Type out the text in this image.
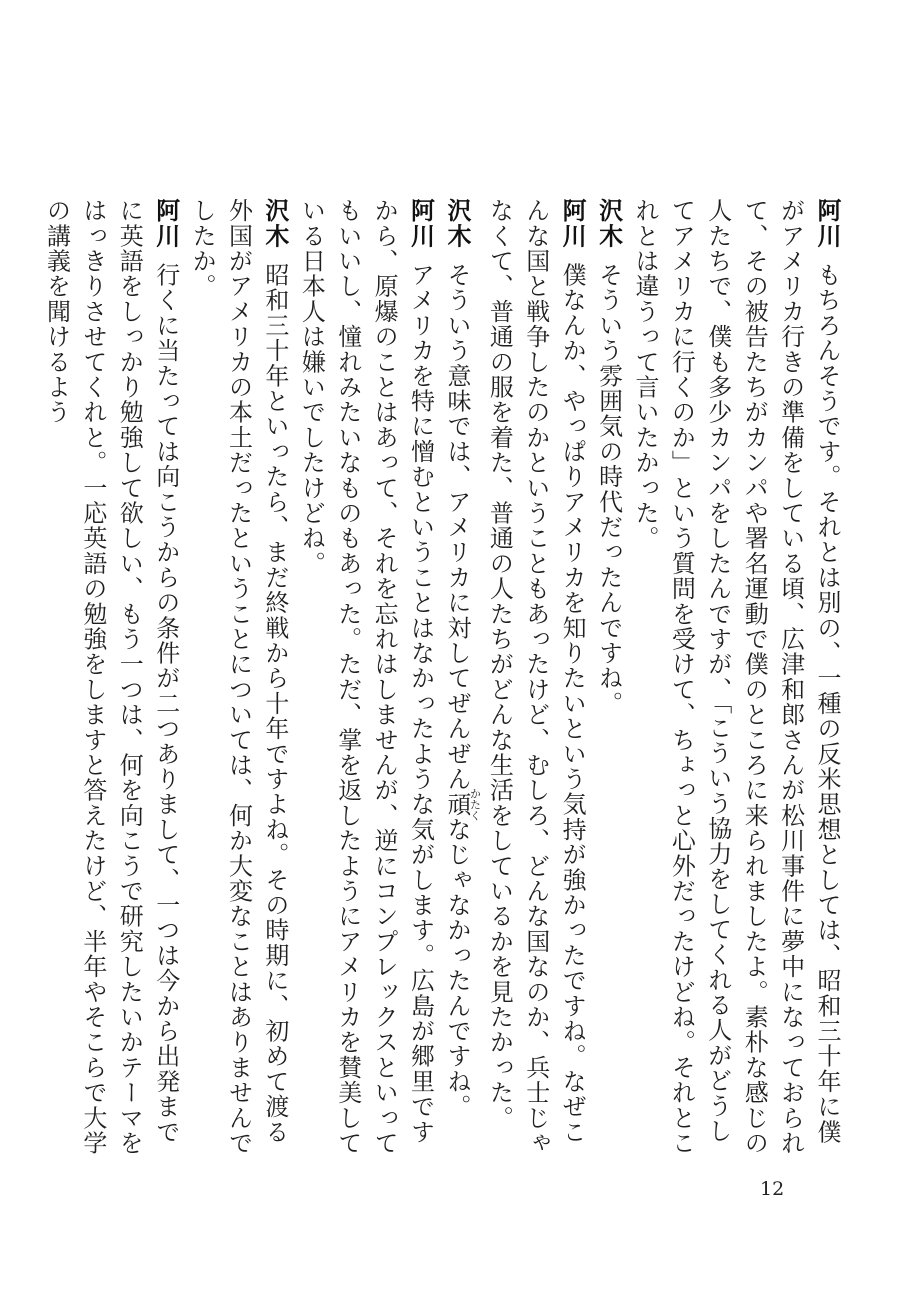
阿川もちろんそうです。それとは別の、一種の反米思想としては、昭和三十年に僕がアメリカ行きの準備をしている頃、広津和郎さんが松川事件に夢中になっておられて、その被告たちがカンパや署名運動で僕のところに来られましたよ。素朴な感じの人たちで、僕も多少カンパをしたんですが、「こういう協力をしてくれる人がどうしてアメリカに行くのか」という質問を受けて、ちょっと心外だったけどね。それとこれとは違うって言いたかった。

沢木そういう雰囲気の時代だったんですね。

阿川僕なんか、やっぱりアメリカを知りたいという気持が強かったですね。なぜこんな国と戦争したのかということもあったけど、むしろ、どんな国なのか、兵士じゃなくて、普通の服を着た、普通の人たちがどんな生活をしているかを見たかった。

沢木そういう意味では、アメリカに対してぜんぜん頑かたくなじゃなかったんですね。

阿川アメリカを特に憎むということはなかったような気がします。広島が郷里ですから、原爆のことはあって、それを忘れはしませんが、逆にコンプレックスといってもいいし、憧れみたいなものもあった。ただ、掌を返したようにアメリカを賛美している日本人は嫌いでしたけどね。

沢木昭和三十年といったら、まだ終戦から十年ですよね。その時期に、初めて渡る外国がアメリカの本土だったということについては、何か大変なことはありませんでしたか。

阿川行くに当たっては向こうからの条件が二つありまして、一つは今から出発までに英語をしっかり勉強して欲しい、もう一つは、何を向こうで研究したいかテーマをはっきりさせてくれと。一応英語の勉強をしますと答えたけど、半年やそこらで大学の講義を聞けるよう

12
